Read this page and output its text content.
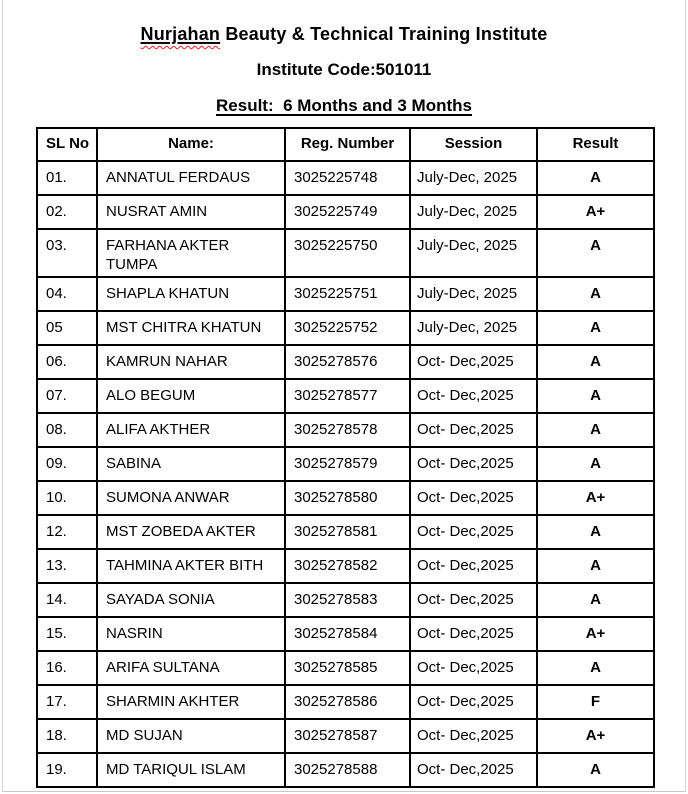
Nurjahan Beauty & Technical Training Institute
Institute Code:501011
Result:  6 Months and 3 Months
SL No	Name:	Reg. Number	Session	Result
01.	ANNATUL FERDAUS	3025225748	July-Dec, 2025	A
02.	NUSRAT AMIN	3025225749	July-Dec, 2025	A+
03.	FARHANA AKTER TUMPA	3025225750	July-Dec, 2025	A
04.	SHAPLA KHATUN	3025225751	July-Dec, 2025	A
05	MST CHITRA KHATUN	3025225752	July-Dec, 2025	A
06.	KAMRUN NAHAR	3025278576	Oct- Dec,2025	A
07.	ALO BEGUM	3025278577	Oct- Dec,2025	A
08.	ALIFA AKTHER	3025278578	Oct- Dec,2025	A
09.	SABINA	3025278579	Oct- Dec,2025	A
10.	SUMONA ANWAR	3025278580	Oct- Dec,2025	A+
12.	MST ZOBEDA AKTER	3025278581	Oct- Dec,2025	A
13.	TAHMINA AKTER BITH	3025278582	Oct- Dec,2025	A
14.	SAYADA SONIA	3025278583	Oct- Dec,2025	A
15.	NASRIN	3025278584	Oct- Dec,2025	A+
16.	ARIFA SULTANA	3025278585	Oct- Dec,2025	A
17.	SHARMIN AKHTER	3025278586	Oct- Dec,2025	F
18.	MD SUJAN	3025278587	Oct- Dec,2025	A+
19.	MD TARIQUL ISLAM	3025278588	Oct- Dec,2025	A
